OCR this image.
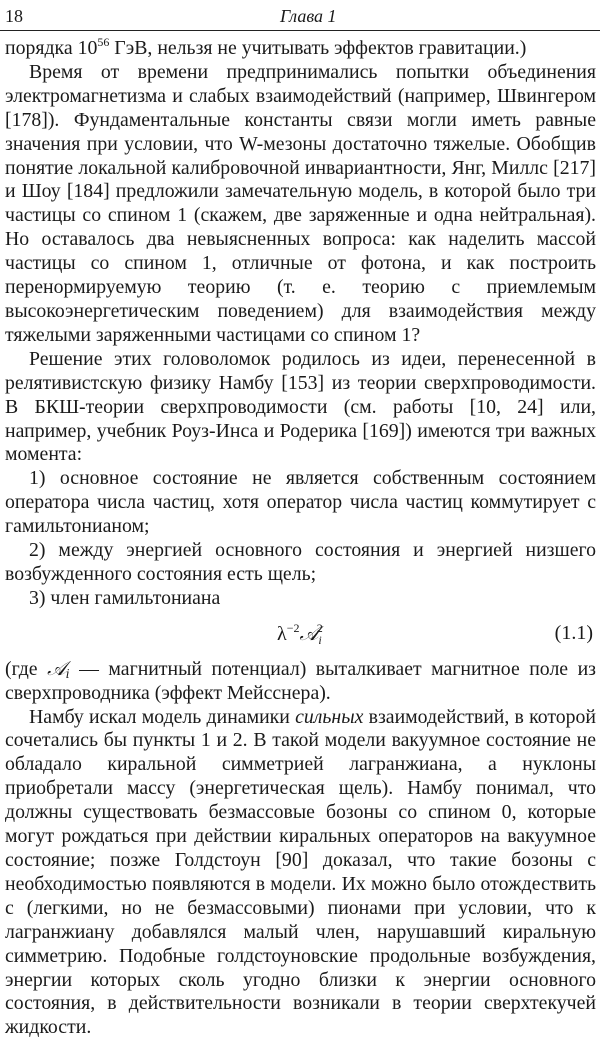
18	Глава 1

порядка $10^{56}$ ГэВ, нельзя не учитывать эффектов гравитации.)

Время от времени предпринимались попытки объединения электромагнетизма и слабых взаимодействий (например, Швингером [178]). Фундаментальные константы связи могли иметь равные значения при условии, что W-мезоны достаточно тяжелые. Обобщив понятие локальной калибровочной инвариантности, Янг, Миллс [217] и Шоу [184] предложили замечательную модель, в которой было три частицы со спином 1 (скажем, две заряженные и одна нейтральная). Но оставалось два невыясненных вопроса: как наделить массой частицы со спином 1, отличные от фотона, и как построить перенормируемую теорию (т. е. теорию с приемлемым высокоэнергетическим поведением) для взаимодействия между тяжелыми заряженными частицами со спином 1?

Решение этих головоломок родилось из идеи, перенесенной в релятивистскую физику Намбу [153] из теории сверхпроводимости. В БКШ-теории сверхпроводимости (см. работы [10, 24] или, например, учебник Роуз-Инса и Родерика [169]) имеются три важных момента:

1) основное состояние не является собственным состоянием оператора числа частиц, хотя оператор числа частиц коммутирует с гамильтонианом;

2) между энергией основного состояния и энергией низшего возбужденного состояния есть щель;

3) член гамильтониана

$\lambda^{-2}𝒜_i^2$	(1.1)

(где 𝒜$_i$ — магнитный потенциал) выталкивает магнитное поле из сверхпроводника (эффект Мейсснера).

Намбу искал модель динамики сильных взаимодействий, в которой сочетались бы пункты 1 и 2. В такой модели вакуумное состояние не обладало киральной симметрией лагранжиана, а нуклоны приобретали массу (энергетическая щель). Намбу понимал, что должны существовать безмассовые бозоны со спином 0, которые могут рождаться при действии киральных операторов на вакуумное состояние; позже Голдстоун [90] доказал, что такие бозоны с необходимостью появляются в модели. Их можно было отождествить с (легкими, но не безмассовыми) пионами при условии, что к лагранжиану добавлялся малый член, нарушавший киральную симметрию. Подобные голдстоуновские продольные возбуждения, энергии которых сколь угодно близки к энергии основного состояния, в действительности возникали в теории сверхтекучей жидкости.
